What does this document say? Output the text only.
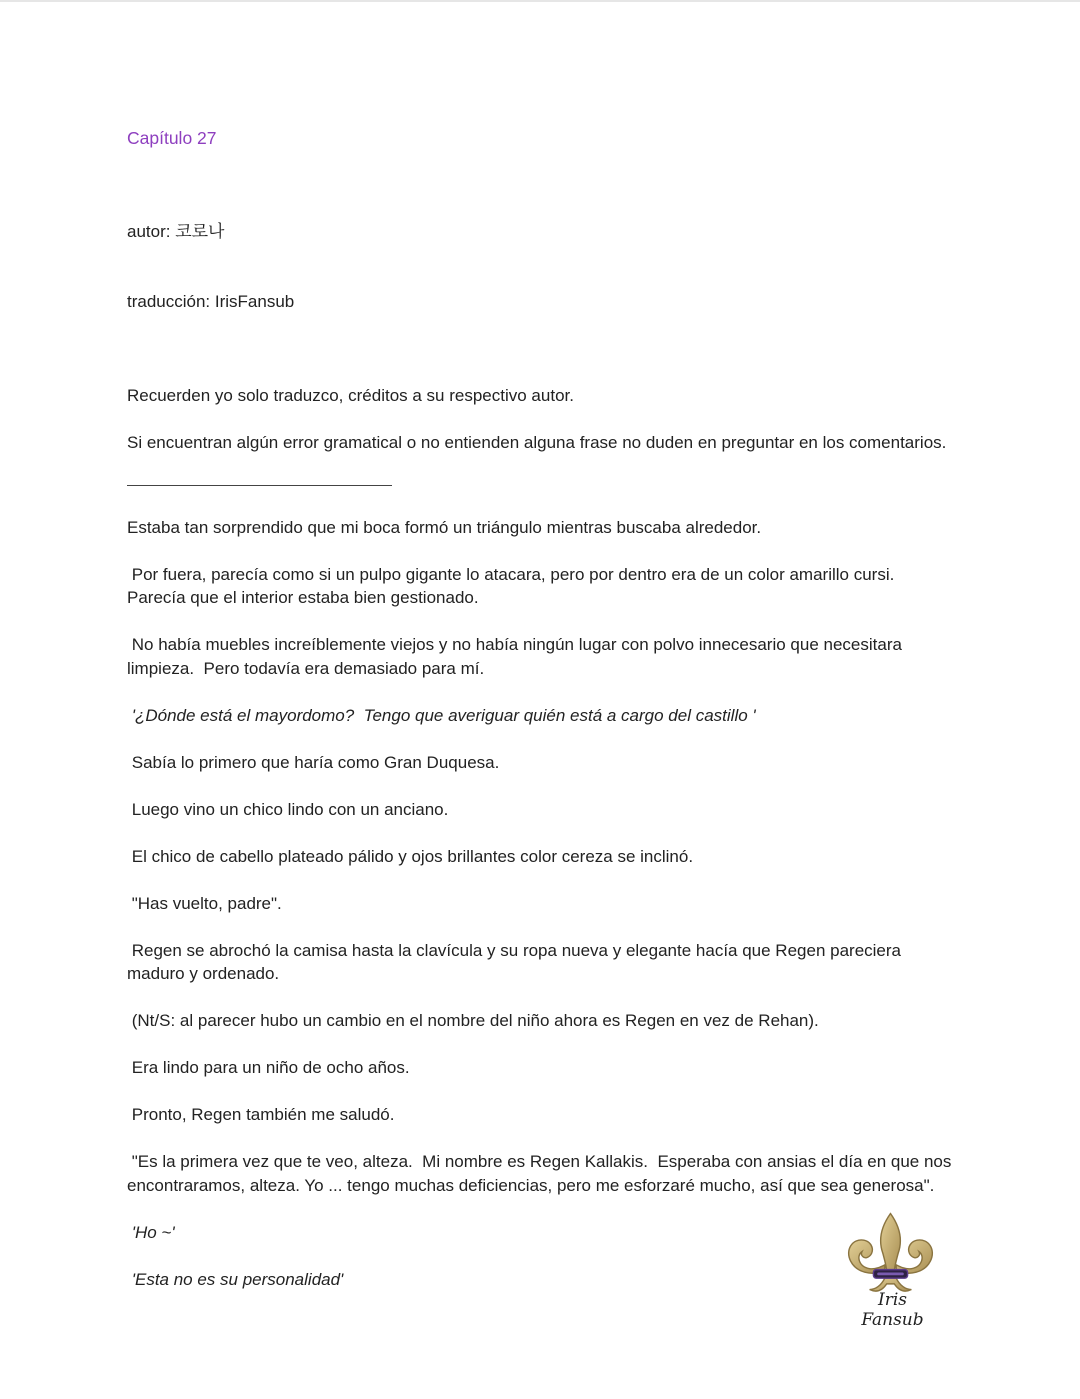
Capítulo 27

autor: 코로나

traducción: IrisFansub

Recuerden yo solo traduzco, créditos a su respectivo autor.

Si encuentran algún error gramatical o no entienden alguna frase no duden en preguntar en los comentarios.

Estaba tan sorprendido que mi boca formó un triángulo mientras buscaba alrededor.

Por fuera, parecía como si un pulpo gigante lo atacara, pero por dentro era de un color amarillo cursi. Parecía que el interior estaba bien gestionado.

No había muebles increíblemente viejos y no había ningún lugar con polvo innecesario que necesitara limpieza.  Pero todavía era demasiado para mí.

'¿Dónde está el mayordomo?  Tengo que averiguar quién está a cargo del castillo '

Sabía lo primero que haría como Gran Duquesa.

Luego vino un chico lindo con un anciano.

El chico de cabello plateado pálido y ojos brillantes color cereza se inclinó.

"Has vuelto, padre".

Regen se abrochó la camisa hasta la clavícula y su ropa nueva y elegante hacía que Regen pareciera maduro y ordenado.

(Nt/S: al parecer hubo un cambio en el nombre del niño ahora es Regen en vez de Rehan).

Era lindo para un niño de ocho años.

Pronto, Regen también me saludó.

"Es la primera vez que te veo, alteza.  Mi nombre es Regen Kallakis.  Esperaba con ansias el día en que nos encontraramos, alteza. Yo ... tengo muchas deficiencias, pero me esforzaré mucho, así que sea generosa".

'Ho ~'

'Esta no es su personalidad'

Iris Fansub
